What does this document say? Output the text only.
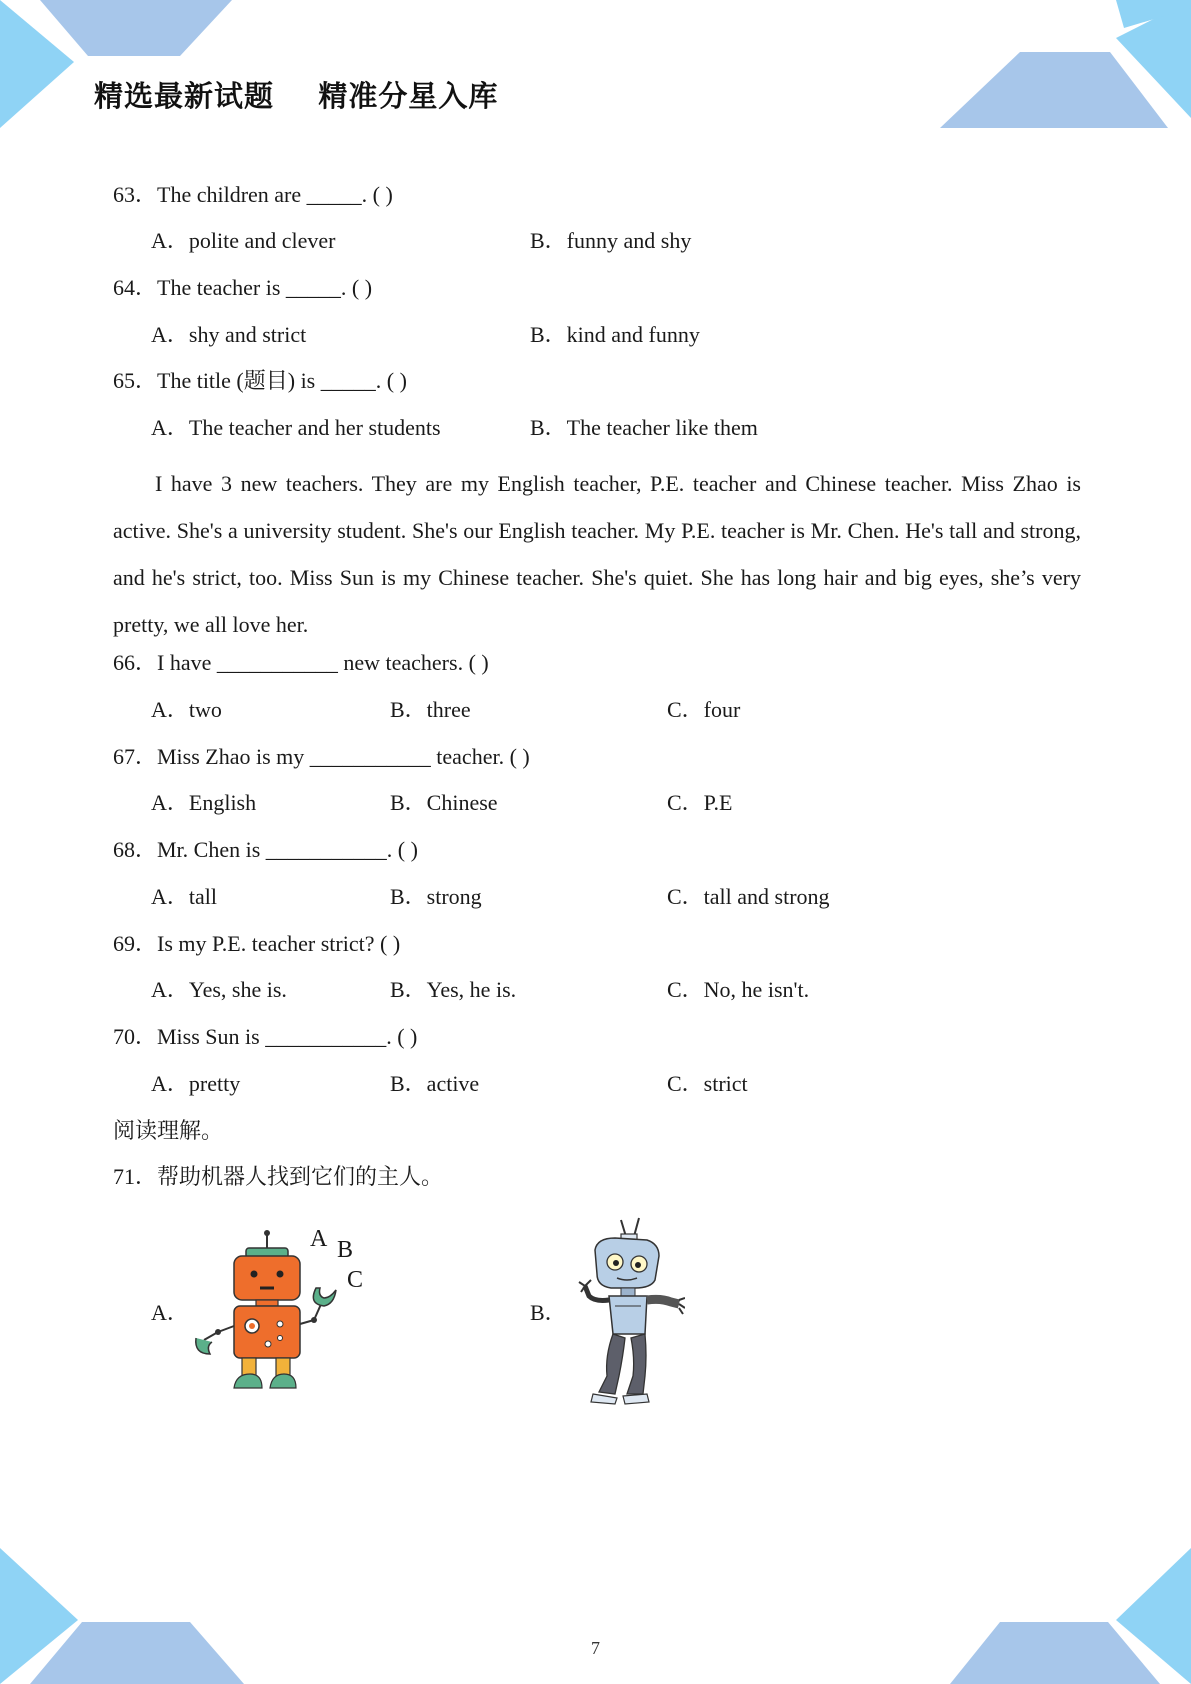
精选最新试题    精准分星入库
63．The children are _____. ( )
A．polite and clever	B．funny and shy
64．The teacher is _____. ( )
A．shy and strict	B．kind and funny
65．The title (题目) is _____. ( )
A．The teacher and her students	B．The teacher like them
I have 3 new teachers. They are my English teacher, P.E. teacher and Chinese teacher. Miss Zhao is active. She's a university student. She's our English teacher. My P.E. teacher is Mr. Chen. He's tall and strong, and he's strict, too. Miss Sun is my Chinese teacher. She's quiet. She has long hair and big eyes, she’s very pretty, we all love her.
66．I have ___________ new teachers. ( )
A．two	B．three	C．four
67．Miss Zhao is my ___________ teacher. ( )
A．English	B．Chinese	C．P.E
68．Mr. Chen is ___________. ( )
A．tall	B．strong	C．tall and strong
69．Is my P.E. teacher strict? ( )
A．Yes, she is.	B．Yes, he is.	C．No, he isn't.
70．Miss Sun is ___________. ( )
A．pretty	B．active	C．strict
阅读理解。
71．帮助机器人找到它们的主人。
A．
A B
C
B．
7
